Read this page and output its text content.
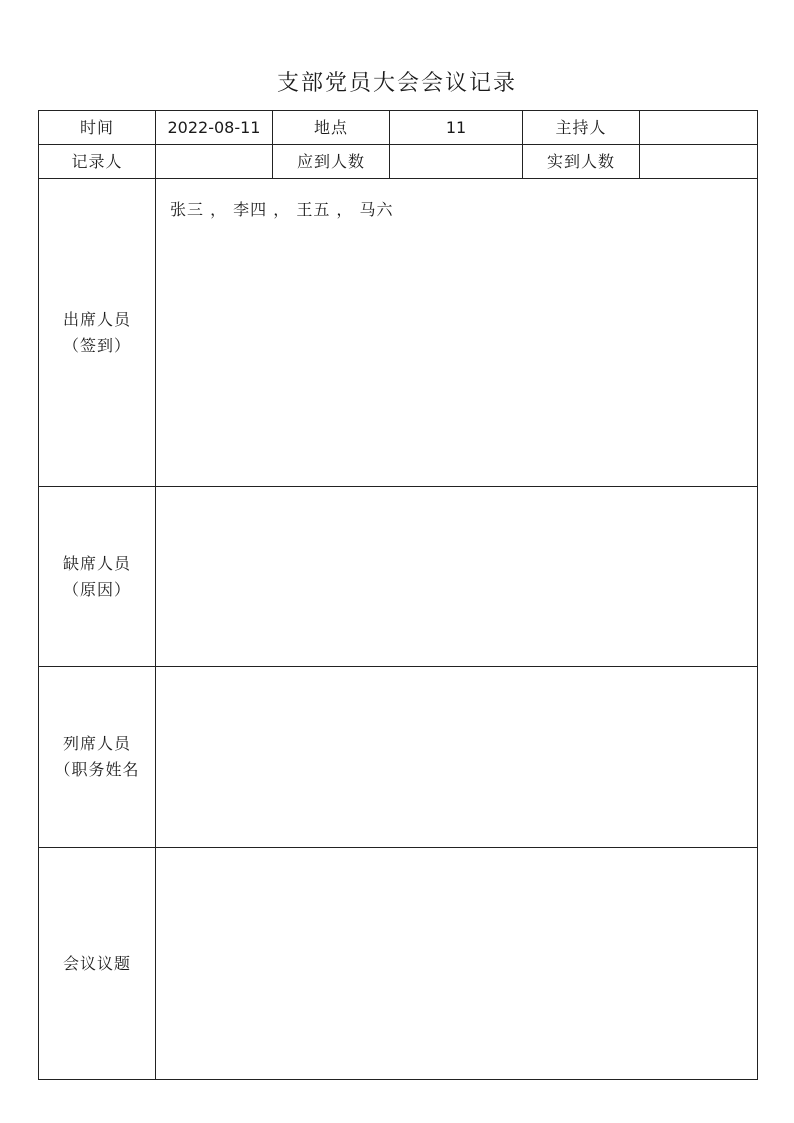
支部党员大会会议记录
时间	2022-08-11	地点	11	主持人	
记录人		应到人数		实到人数	

出席人员
（签到）	张三 ， 李四 ， 王五 ， 马六				

缺席人员
（原因）					

列席人员
（职务姓名					

会议议题					
